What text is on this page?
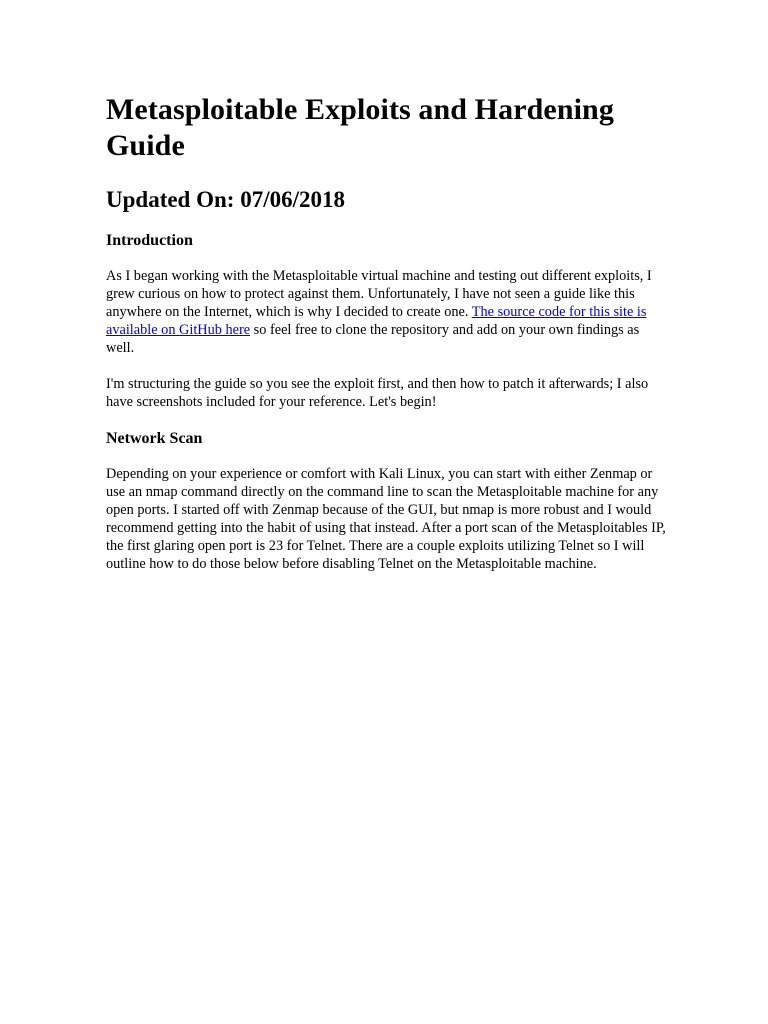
Metasploitable Exploits and Hardening Guide
Updated On: 07/06/2018
Introduction

As I began working with the Metasploitable virtual machine and testing out different exploits, I grew curious on how to protect against them. Unfortunately, I have not seen a guide like this anywhere on the Internet, which is why I decided to create one. The source code for this site is available on GitHub here so feel free to clone the repository and add on your own findings as well.

I'm structuring the guide so you see the exploit first, and then how to patch it afterwards; I also have screenshots included for your reference. Let's begin!

Network Scan

Depending on your experience or comfort with Kali Linux, you can start with either Zenmap or use an nmap command directly on the command line to scan the Metasploitable machine for any open ports. I started off with Zenmap because of the GUI, but nmap is more robust and I would recommend getting into the habit of using that instead. After a port scan of the Metasploitables IP, the first glaring open port is 23 for Telnet. There are a couple exploits utilizing Telnet so I will outline how to do those below before disabling Telnet on the Metasploitable machine.
